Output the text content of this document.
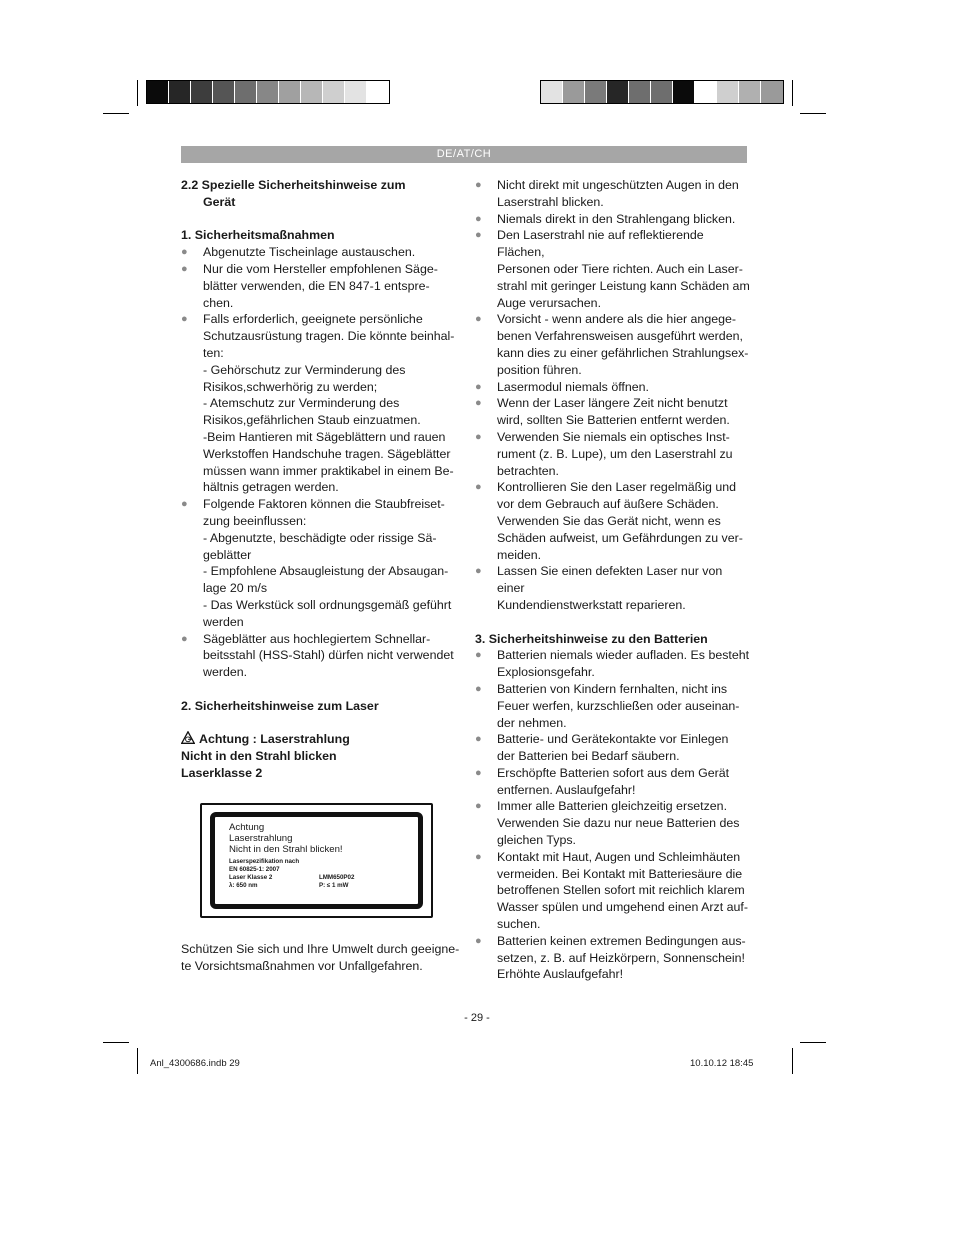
DE/AT/CH

2.2 Spezielle Sicherheitshinweise zum

Gerät

1. Sicherheitsmaßnahmen

● Abgenutzte Tischeinlage austauschen.
● Nur die vom Hersteller empfohlenen Säge-
blätter verwenden, die EN 847-1 entspre-
chen.
● Falls erforderlich, geeignete persönliche
Schutzausrüstung tragen. Die könnte beinhal-
ten:
- Gehörschutz zur Verminderung des
Risikos,schwerhörig zu werden;
- Atemschutz zur Verminderung des
Risikos,gefährlichen Staub einzuatmen.
-Beim Hantieren mit Sägeblättern und rauen
Werkstoffen Handschuhe tragen. Sägeblätter
müssen wann immer praktikabel in einem Be-
hältnis getragen werden.
● Folgende Faktoren können die Staubfreiset-
zung beeinflussen:
- Abgenutzte, beschädigte oder rissige Sä-
geblätter
- Empfohlene Absaugleistung der Absaugan-
lage 20 m/s
- Das Werkstück soll ordnungsgemäß geführt
werden
● Sägeblätter aus hochlegiertem Schnellar-
beitsstahl (HSS-Stahl) dürfen nicht verwendet
werden.

2. Sicherheitshinweise zum Laser

Achtung : Laserstrahlung
Nicht in den Strahl blicken
Laserklasse 2
Achtung
Laserstrahlung
Nicht in den Strahl blicken!
Laserspezifikation nach
EN 60825-1: 2007
Laser Klasse 2	LMM650P02
λ: 650 nm	P: ≤ 1 mW
Schützen Sie sich und Ihre Umwelt durch geeigne-
te Vorsichtsmaßnahmen vor Unfallgefahren.
● Nicht direkt mit ungeschützten Augen in den
Laserstrahl blicken.
● Niemals direkt in den Strahlengang blicken.
● Den Laserstrahl nie auf reflektierende Flächen,
Personen oder Tiere richten. Auch ein Laser-
strahl mit geringer Leistung kann Schäden am
Auge verursachen.
● Vorsicht - wenn andere als die hier angege-
benen Verfahrensweisen ausgeführt werden,
kann dies zu einer gefährlichen Strahlungsex-
position führen.
● Lasermodul niemals öffnen.
● Wenn der Laser längere Zeit nicht benutzt
wird, sollten Sie Batterien entfernt werden.
● Verwenden Sie niemals ein optisches Inst-
rument (z. B. Lupe), um den Laserstrahl zu
betrachten.
● Kontrollieren Sie den Laser regelmäßig und
vor dem Gebrauch auf äußere Schäden.
Verwenden Sie das Gerät nicht, wenn es
Schäden aufweist, um Gefährdungen zu ver-
meiden.
● Lassen Sie einen defekten Laser nur von einer
Kundendienstwerkstatt reparieren.

3. Sicherheitshinweise zu den Batterien

● Batterien niemals wieder aufladen. Es besteht
Explosionsgefahr.
● Batterien von Kindern fernhalten, nicht ins
Feuer werfen, kurzschließen oder auseinan-
der nehmen.
● Batterie- und Gerätekontakte vor Einlegen
der Batterien bei Bedarf säubern.
● Erschöpfte Batterien sofort aus dem Gerät
entfernen. Auslaufgefahr!
● Immer alle Batterien gleichzeitig ersetzen.
Verwenden Sie dazu nur neue Batterien des
gleichen Typs.
● Kontakt mit Haut, Augen und Schleimhäuten
vermeiden. Bei Kontakt mit Batteriesäure die
betroffenen Stellen sofort mit reichlich klarem
Wasser spülen und umgehend einen Arzt auf-
suchen.
● Batterien keinen extremen Bedingungen aus-
setzen, z. B. auf Heizkörpern, Sonnenschein!
Erhöhte Auslaufgefahr!
- 29 -
Anl_4300686.indb 29	10.10.12 18:45
